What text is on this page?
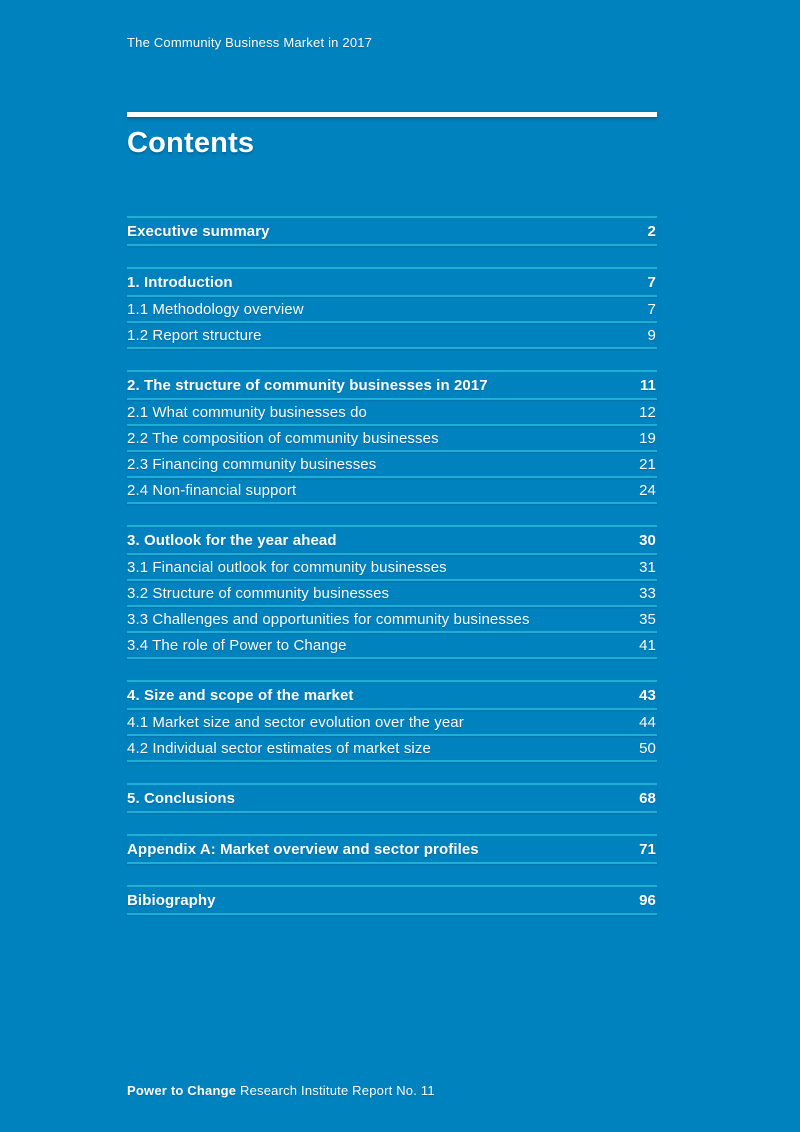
The Community Business Market in 2017
Contents
Executive summary	2
1. Introduction	7
1.1 Methodology overview	7
1.2 Report structure	9
2. The structure of community businesses in 2017	11
2.1 What community businesses do	12
2.2 The composition of community businesses	19
2.3 Financing community businesses	21
2.4 Non-financial support	24
3. Outlook for the year ahead	30
3.1 Financial outlook for community businesses	31
3.2 Structure of community businesses	33
3.3 Challenges and opportunities for community businesses	35
3.4 The role of Power to Change	41
4. Size and scope of the market	43
4.1 Market size and sector evolution over the year	44
4.2 Individual sector estimates of market size	50
5. Conclusions	68
Appendix A: Market overview and sector profiles	71
Bibiography	96
Power to Change Research Institute Report No. 11
